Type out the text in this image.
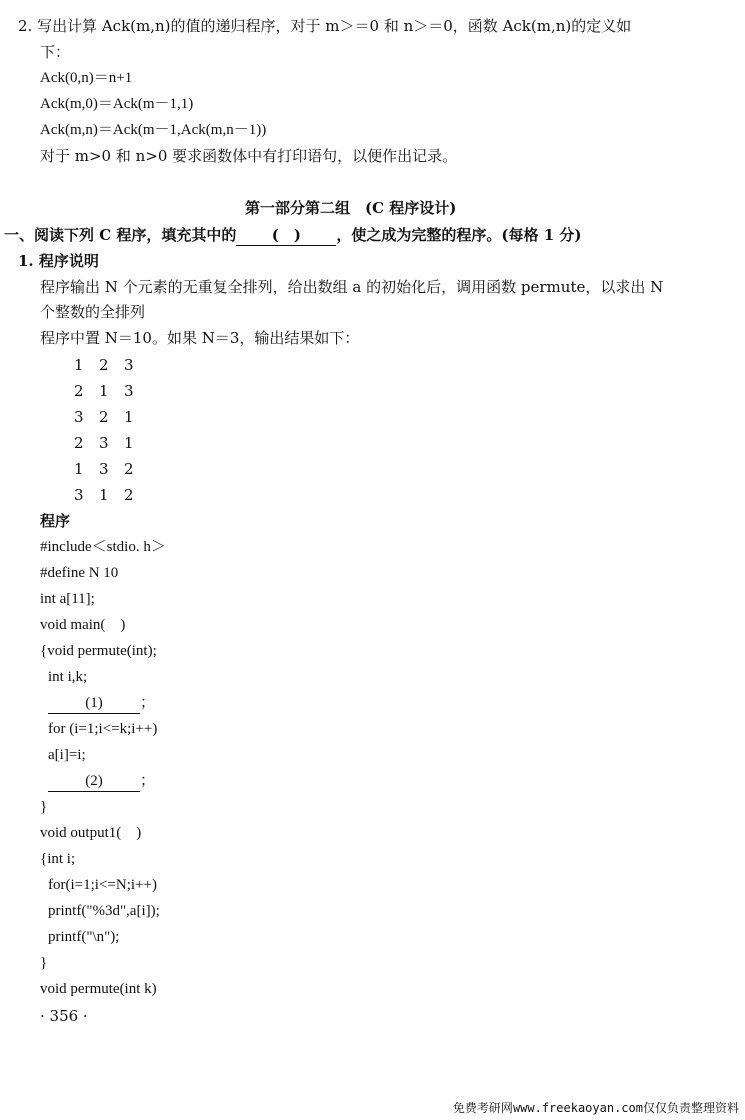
2. 写出计算 Ack(m,n)的值的递归程序，对于 m＞＝0 和 n＞＝0，函数 Ack(m,n)的定义如
下：
Ack(0,n)＝n+1
Ack(m,0)＝Ack(m－1,1)
Ack(m,n)＝Ack(m－1,Ack(m,n－1))
对于 m>0 和 n>0 要求函数体中有打印语句，以便作出记录。
第一部分第二组　(C 程序设计)
一、阅读下列 C 程序，填充其中的 (　) ，使之成为完整的程序。(每格 1 分)
1. 程序说明
程序输出 N 个元素的无重复全排列，给出数组 a 的初始化后，调用函数 permute，以求出 N
个整数的全排列
程序中置 N＝10。如果 N＝3，输出结果如下：
1 2 3
2 1 3
3 2 1
2 3 1
1 3 2
3 1 2
程序
#include＜stdio. h＞
#define N 10
int a[11];
void main(　)
{void permute(int);
int i,k;
(1) ；
for (i=1;i<=k;i++)
a[i]=i;
(2) ；
}
void output1(　)
{int i;
for(i=1;i<=N;i++)
printf("%3d",a[i]);
printf("\n");
}
void permute(int k)
· 356 ·
免费考研网www.freekaoyan.com仅仅负责整理资料
